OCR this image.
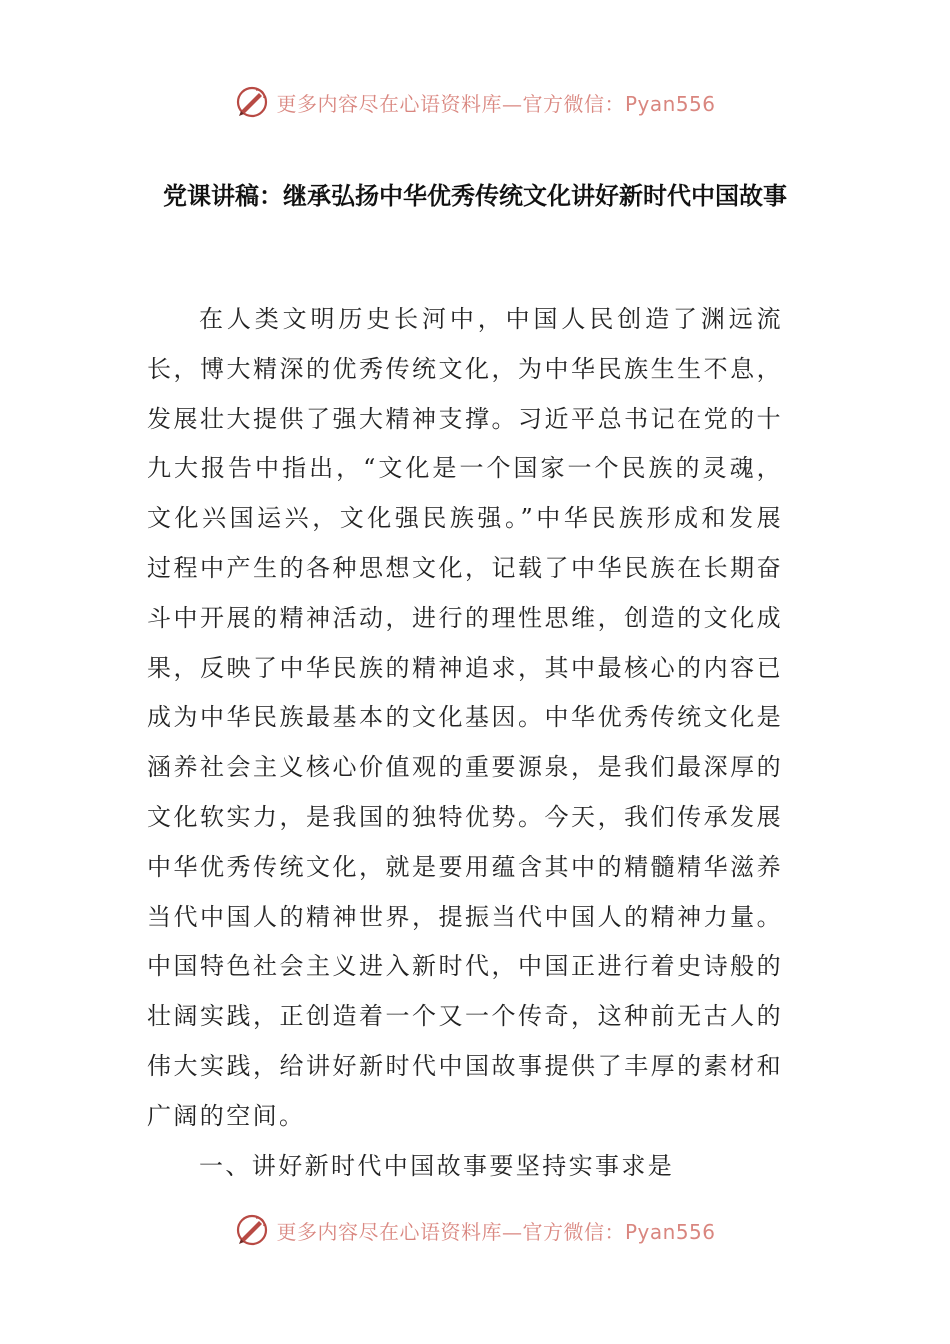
更多内容尽在心语资料库—官方微信：Pyan556
党课讲稿：继承弘扬中华优秀传统文化讲好新时代中国故事

在人类文明历史长河中，中国人民创造了渊远流长，博大精深的优秀传统文化，为中华民族生生不息，发展壮大提供了强大精神支撑。习近平总书记在党的十九大报告中指出，“文化是一个国家一个民族的灵魂，文化兴国运兴，文化强民族强。”中华民族形成和发展过程中产生的各种思想文化，记载了中华民族在长期奋斗中开展的精神活动，进行的理性思维，创造的文化成果，反映了中华民族的精神追求，其中最核心的内容已成为中华民族最基本的文化基因。中华优秀传统文化是涵养社会主义核心价值观的重要源泉，是我们最深厚的文化软实力，是我国的独特优势。今天，我们传承发展中华优秀传统文化，就是要用蕴含其中的精髓精华滋养当代中国人的精神世界，提振当代中国人的精神力量。中国特色社会主义进入新时代，中国正进行着史诗般的壮阔实践，正创造着一个又一个传奇，这种前无古人的伟大实践，给讲好新时代中国故事提供了丰厚的素材和广阔的空间。

一、讲好新时代中国故事要坚持实事求是

更多内容尽在心语资料库—官方微信：Pyan556
